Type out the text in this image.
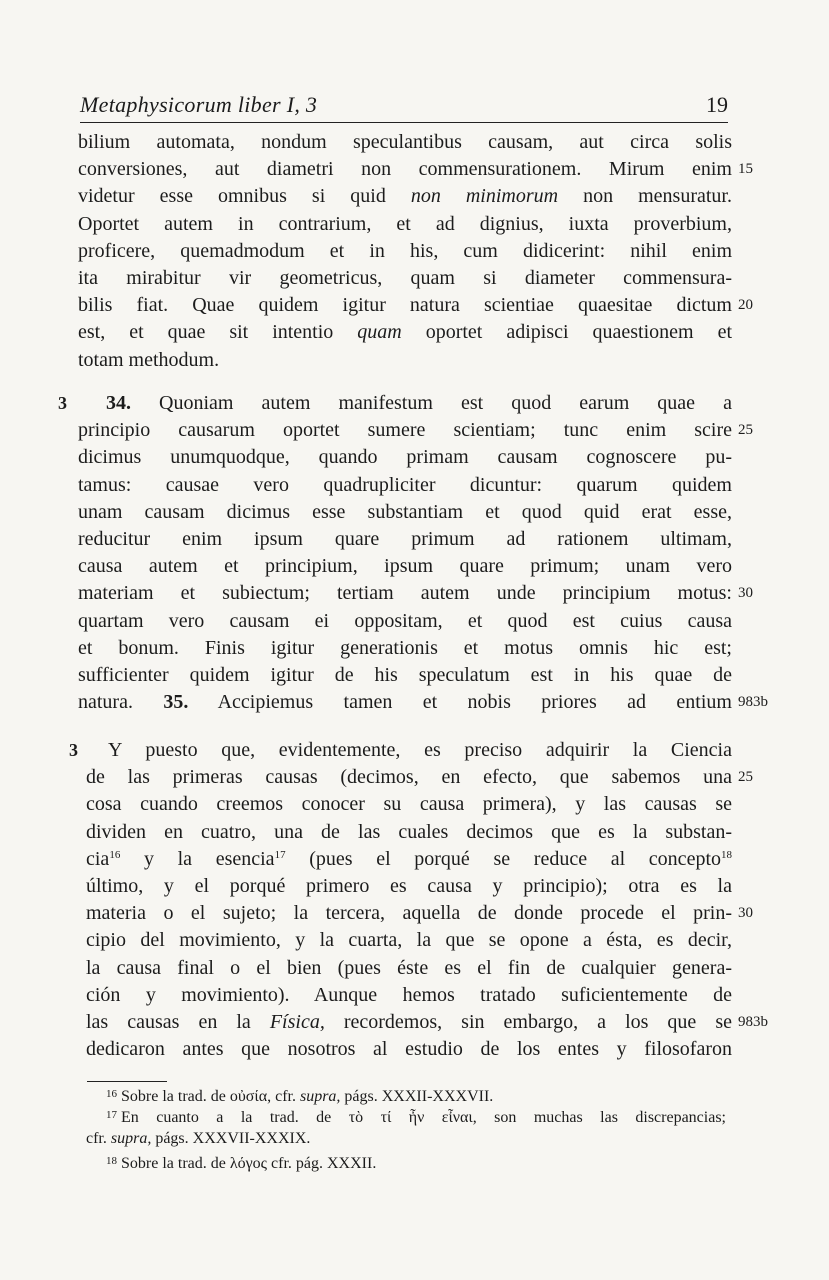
Metaphysicorum liber I, 3	19
bilium automata, nondum speculantibus causam, aut circa solis
conversiones, aut diametri non commensurationem. Mirum enim 15
videtur esse omnibus si quid non minimorum non mensuratur.
Oportet autem in contrarium, et ad dignius, iuxta proverbium,
proficere, quemadmodum et in his, cum didicerint: nihil enim
ita mirabitur vir geometricus, quam si diameter commensura-
bilis fiat. Quae quidem igitur natura scientiae quaesitae dictum 20
est, et quae sit intentio quam oportet adipisci quaestionem et
totam methodum.
3 34. Quoniam autem manifestum est quod earum quae a
principio causarum oportet sumere scientiam; tunc enim scire 25
dicimus unumquodque, quando primam causam cognoscere pu-
tamus: causae vero quadrupliciter dicuntur: quarum quidem
unam causam dicimus esse substantiam et quod quid erat esse,
reducitur enim ipsum quare primum ad rationem ultimam,
causa autem et principium, ipsum quare primum; unam vero
materiam et subiectum; tertiam autem unde principium motus: 30
quartam vero causam ei oppositam, et quod est cuius causa
et bonum. Finis igitur generationis et motus omnis hic est;
sufficienter quidem igitur de his speculatum est in his quae de
natura. 35. Accipiemus tamen et nobis priores ad entium 983b
3 Y puesto que, evidentemente, es preciso adquirir la Ciencia
de las primeras causas (decimos, en efecto, que sabemos una 25
cosa cuando creemos conocer su causa primera), y las causas se
dividen en cuatro, una de las cuales decimos que es la substan-
cia$^{16}$ y la esencia$^{17}$ (pues el porqué se reduce al concepto$^{18}$
último, y el porqué primero es causa y principio); otra es la
materia o el sujeto; la tercera, aquella de donde procede el prin- 30
cipio del movimiento, y la cuarta, la que se opone a ésta, es decir,
la causa final o el bien (pues éste es el fin de cualquier genera-
ción y movimiento). Aunque hemos tratado suficientemente de
las causas en la Física, recordemos, sin embargo, a los que se 983b
dedicaron antes que nosotros al estudio de los entes y filosofaron
$^{16}$ Sobre la trad. de οὐσία, cfr. supra, págs. XXXII-XXXVII.
$^{17}$ En cuanto a la trad. de τὸ τί ἦν εἶναι, son muchas las discrepancias;
cfr. supra, págs. XXXVII-XXXIX.
$^{18}$ Sobre la trad. de λόγος cfr. pág. XXXII.
